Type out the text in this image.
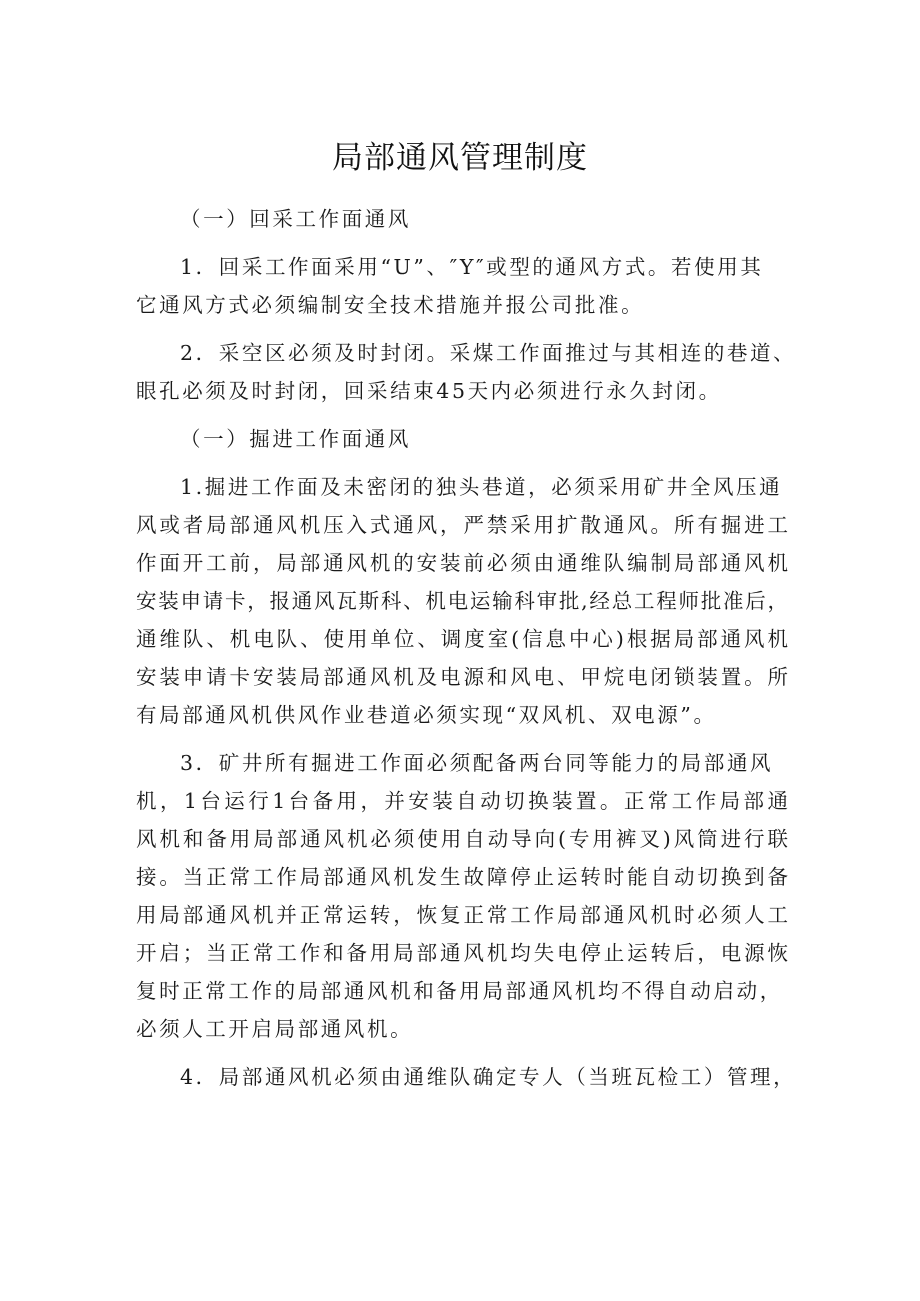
局部通风管理制度
（一）回采工作面通风
1．回采工作面采用“U”、″Y″或型的通风方式。若使用其
它通风方式必须编制安全技术措施并报公司批准。
2．采空区必须及时封闭。采煤工作面推过与其相连的巷道、
眼孔必须及时封闭，回采结束45天内必须进行永久封闭。
（一）掘进工作面通风
1.掘进工作面及未密闭的独头巷道，必须采用矿井全风压通
风或者局部通风机压入式通风，严禁采用扩散通风。所有掘进工
作面开工前，局部通风机的安装前必须由通维队编制局部通风机
安装申请卡，报通风瓦斯科、机电运输科审批,经总工程师批准后，
通维队、机电队、使用单位、调度室(信息中心)根据局部通风机
安装申请卡安装局部通风机及电源和风电、甲烷电闭锁装置。所
有局部通风机供风作业巷道必须实现“双风机、双电源”。
3．矿井所有掘进工作面必须配备两台同等能力的局部通风
机，1台运行1台备用，并安装自动切换装置。正常工作局部通
风机和备用局部通风机必须使用自动导向(专用裤叉)风筒进行联
接。当正常工作局部通风机发生故障停止运转时能自动切换到备
用局部通风机并正常运转，恢复正常工作局部通风机时必须人工
开启；当正常工作和备用局部通风机均失电停止运转后，电源恢
复时正常工作的局部通风机和备用局部通风机均不得自动启动，
必须人工开启局部通风机。
4．局部通风机必须由通维队确定专人（当班瓦检工）管理，
